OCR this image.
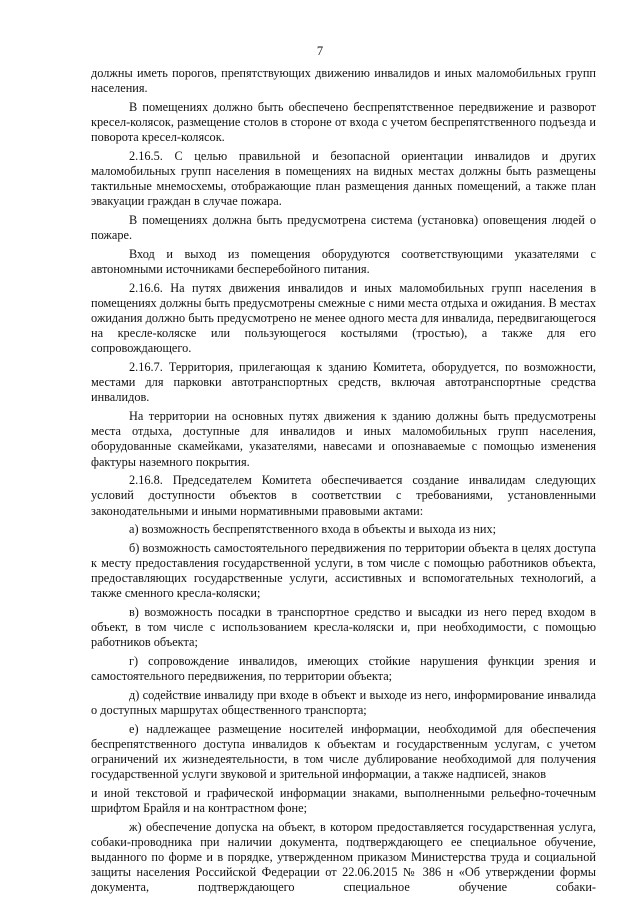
7

должны иметь порогов, препятствующих движению инвалидов и иных маломобильных групп населения.

В помещениях должно быть обеспечено беспрепятственное передвижение и разворот кресел-колясок, размещение столов в стороне от входа с учетом беспрепятственного подъезда и поворота кресел-колясок.

2.16.5. С целью правильной и безопасной ориентации инвалидов и других маломобильных групп населения в помещениях на видных местах должны быть размещены тактильные мнемосхемы, отображающие план размещения данных помещений, а также план эвакуации граждан в случае пожара.

В помещениях должна быть предусмотрена система (установка) оповещения людей о пожаре.

Вход и выход из помещения оборудуются соответствующими указателями с автономными источниками бесперебойного питания.

2.16.6. На путях движения инвалидов и иных маломобильных групп населения в помещениях должны быть предусмотрены смежные с ними места отдыха и ожидания. В местах ожидания должно быть предусмотрено не менее одного места для инвалида, передвигающегося на кресле-коляске или пользующегося костылями (тростью), а также для его сопровождающего.

2.16.7. Территория, прилегающая к зданию Комитета, оборудуется, по возможности, местами для парковки автотранспортных средств, включая автотранспортные средства инвалидов.

На территории на основных путях движения к зданию должны быть предусмотрены места отдыха, доступные для инвалидов и иных маломобильных групп населения, оборудованные скамейками, указателями, навесами и опознаваемые с помощью изменения фактуры наземного покрытия.

2.16.8. Председателем Комитета обеспечивается создание инвалидам следующих условий доступности объектов в соответствии с требованиями, установленными законодательными и иными нормативными правовыми актами:

а) возможность беспрепятственного входа в объекты и выхода из них;

б) возможность самостоятельного передвижения по территории объекта в целях доступа к месту предоставления государственной услуги, в том числе с помощью работников объекта, предоставляющих государственные услуги, ассистивных и вспомогательных технологий, а также сменного кресла-коляски;

в) возможность посадки в транспортное средство и высадки из него перед входом в объект, в том числе с использованием кресла-коляски и, при необходимости, с помощью работников объекта;

г) сопровождение инвалидов, имеющих стойкие нарушения функции зрения и самостоятельного передвижения, по территории объекта;

д) содействие инвалиду при входе в объект и выходе из него, информирование инвалида о доступных маршрутах общественного транспорта;

е) надлежащее размещение носителей информации, необходимой для обеспечения беспрепятственного доступа инвалидов к объектам и государственным услугам, с учетом ограничений их жизнедеятельности, в том числе дублирование необходимой для получения государственной услуги звуковой и зрительной информации, а также надписей, знаков

и иной текстовой и графической информации знаками, выполненными рельефно-точечным шрифтом Брайля и на контрастном фоне;

ж) обеспечение допуска на объект, в котором предоставляется государственная услуга, собаки-проводника при наличии документа, подтверждающего ее специальное обучение, выданного по форме и в порядке, утвержденном приказом Министерства труда и социальной защиты населения Российской Федерации от 22.06.2015 № 386 н «Об утверждении формы документа, подтверждающего специальное обучение собаки-
